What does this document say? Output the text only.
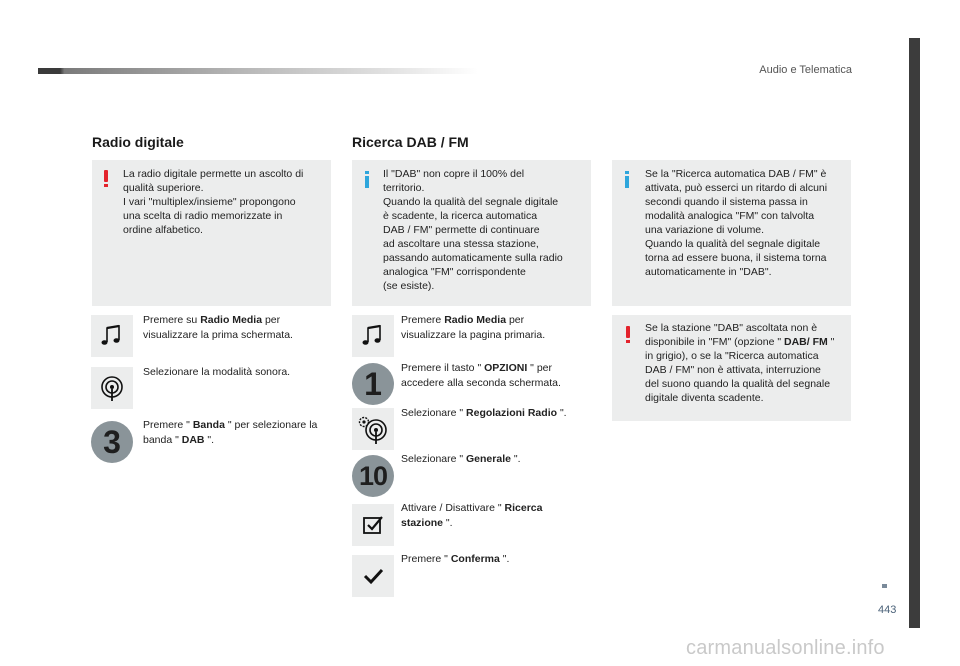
Audio e Telematica
443
carmanualsonline.info
Radio digitale
La radio digitale permette un ascolto di
qualità superiore.
I vari "multiplex/insieme" propongono
una scelta di radio memorizzate in
ordine alfabetico.
Premere su Radio Media per
visualizzare la prima schermata.
Selezionare la modalità sonora.
3	Premere " Banda " per selezionare la
banda " DAB ".
Ricerca DAB / FM
Il "DAB" non copre il 100% del
territorio.
Quando la qualità del segnale digitale
è scadente, la ricerca automatica
DAB / FM" permette di continuare
ad ascoltare una stessa stazione,
passando automaticamente sulla radio
analogica "FM" corrispondente
(se esiste).
Premere Radio Media per
visualizzare la pagina primaria.
1	Premere il tasto " OPZIONI " per
accedere alla seconda schermata.
Selezionare " Regolazioni Radio ".
10
Selezionare " Generale ".
Attivare / Disattivare " Ricerca
stazione ".
Premere " Conferma ".
Se la "Ricerca automatica DAB / FM" è
attivata, può esserci un ritardo di alcuni
secondi quando il sistema passa in
modalità analogica "FM" con talvolta
una variazione di volume.
Quando la qualità del segnale digitale
torna ad essere buona, il sistema torna
automaticamente in "DAB".
Se la stazione "DAB" ascoltata non è
disponibile in "FM" (opzione " DAB/ FM "
in grigio), o se la "Ricerca automatica
DAB / FM" non è attivata, interruzione
del suono quando la qualità del segnale
digitale diventa scadente.
